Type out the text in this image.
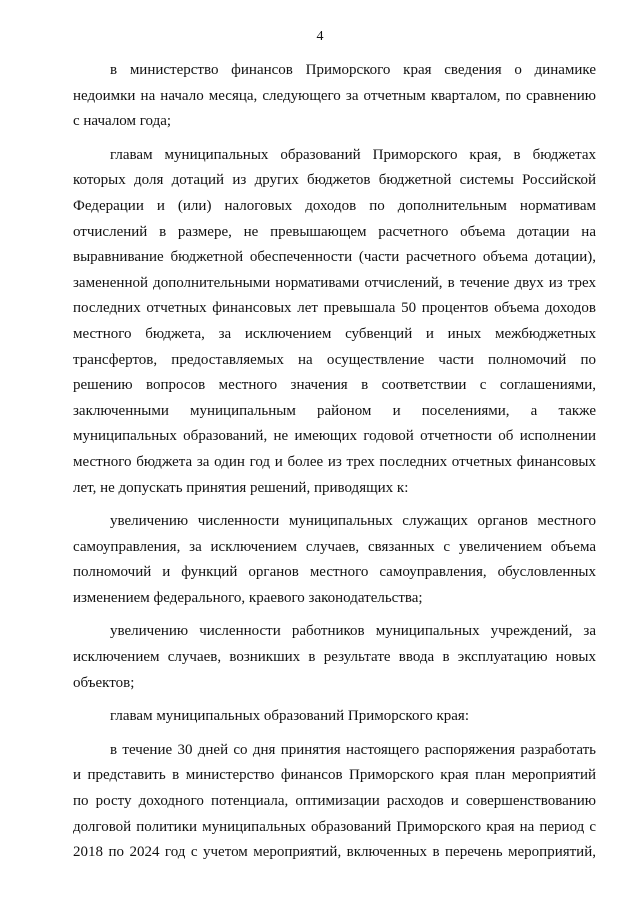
4

в министерство финансов Приморского края сведения о динамике
недоимки на начало месяца, следующего за отчетным кварталом, по сравнению
с началом года;

главам муниципальных образований Приморского края, в бюджетах
которых доля дотаций из других бюджетов бюджетной системы Российской
Федерации и (или) налоговых доходов по дополнительным нормативам
отчислений в размере, не превышающем расчетного объема дотации на
выравнивание бюджетной обеспеченности (части расчетного объема дотации),
замененной дополнительными нормативами отчислений, в течение двух из трех
последних отчетных финансовых лет превышала 50 процентов объема доходов
местного бюджета, за исключением субвенций и иных межбюджетных
трансфертов, предоставляемых на осуществление части полномочий по
решению вопросов местного значения в соответствии с соглашениями,
заключенными муниципальным районом и поселениями, а также
муниципальных образований, не имеющих годовой отчетности об исполнении
местного бюджета за один год и более из трех последних отчетных финансовых
лет, не допускать принятия решений, приводящих к:

увеличению численности муниципальных служащих органов местного
самоуправления, за исключением случаев, связанных с увеличением объема
полномочий и функций органов местного самоуправления, обусловленных
изменением федерального, краевого законодательства;

увеличению численности работников муниципальных учреждений, за
исключением случаев, возникших в результате ввода в эксплуатацию новых
объектов;

главам муниципальных образований Приморского края:

в течение 30 дней со дня принятия настоящего распоряжения разработать
и представить в министерство финансов Приморского края план мероприятий
по росту доходного потенциала, оптимизации расходов и совершенствованию
долговой политики муниципальных образований Приморского края на период с
2018 по 2024 год с учетом мероприятий, включенных в перечень мероприятий,
